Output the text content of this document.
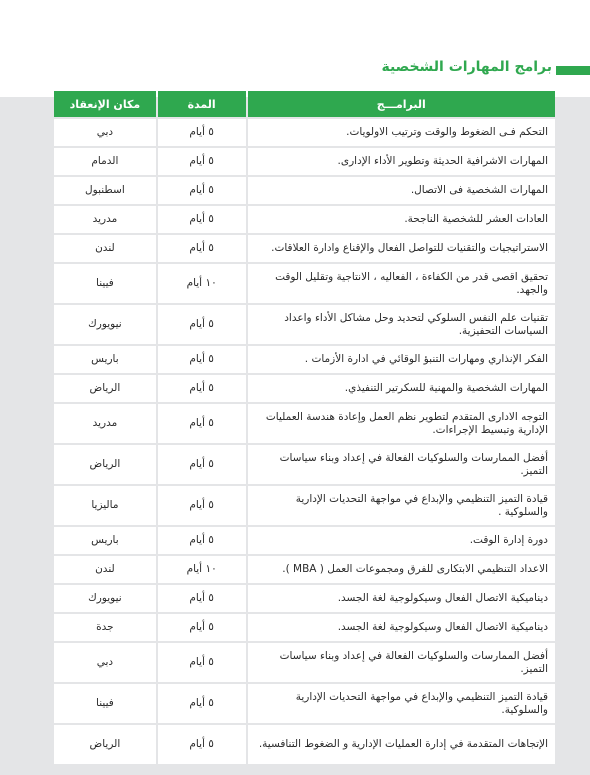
برامج المهارات الشخصية
البرامـــج	المدة	مكان الإنعقاد
التحكم فـى الضغوط والوقت وترتيب الاولويات.	٥ أيام	دبي
المهارات الاشرافية الحديثة وتطوير الأداء الإدارى.	٥ أيام	الدمام
المهارات الشخصية فى الاتصال.	٥ أيام	اسطنبول
العادات العشر للشخصية الناجحة.	٥ أيام	مدريد
الاستراتيجيات والتقنيات للتواصل الفعال والإقناع وادارة العلاقات.	٥ أيام	لندن
تحقيق اقصى قدر من الكفاءة ، الفعاليه ، الانتاجية وتقليل الوقت والجهد.	١٠ أيام	فيينا
تقنيات علم النفس السلوكي لتحديد وحل مشاكل الأداء واعداد السياسات التحفيزية.	٥ أيام	نيويورك
الفكر الإنذاري ومهارات التنبؤ الوقائي في ادارة الأزمات .	٥ أيام	باريس
المهارات الشخصية والمهنية للسكرتير التنفيذي.	٥ أيام	الرياض
التوجه الادارى المتقدم لتطوير نظم العمل وإعادة هندسة العمليات الإدارية وتبسيط الإجراءات.	٥ أيام	مدريد
أفضل الممارسات والسلوكيات الفعالة في إعداد وبناء سياسات التميز.	٥ أيام	الرياض
قيادة التميز التنظيمي والإبداع في مواجهة التحديات الإدارية والسلوكية .	٥ أيام	ماليزيا
دورة إدارة الوقت.	٥ أيام	باريس
الاعداد التنظيمي الابتكارى للفرق ومجموعات العمل ( MBA ).	١٠ أيام	لندن
ديناميكية الاتصال الفعال وسيكولوجية لغة الجسد.	٥ أيام	نيويورك
ديناميكية الاتصال الفعال وسيكولوجية لغة الجسد.	٥ أيام	جدة
أفضل الممارسات والسلوكيات الفعالة في إعداد وبناء سياسات التميز.	٥ أيام	دبي
قيادة التميز التنظيمي والإبداع في مواجهة التحديات الإدارية والسلوكية.	٥ أيام	فيينا
الإتجاهات المتقدمة في إدارة العمليات الإدارية و الضغوط التنافسية.	٥ أيام	الرياض
